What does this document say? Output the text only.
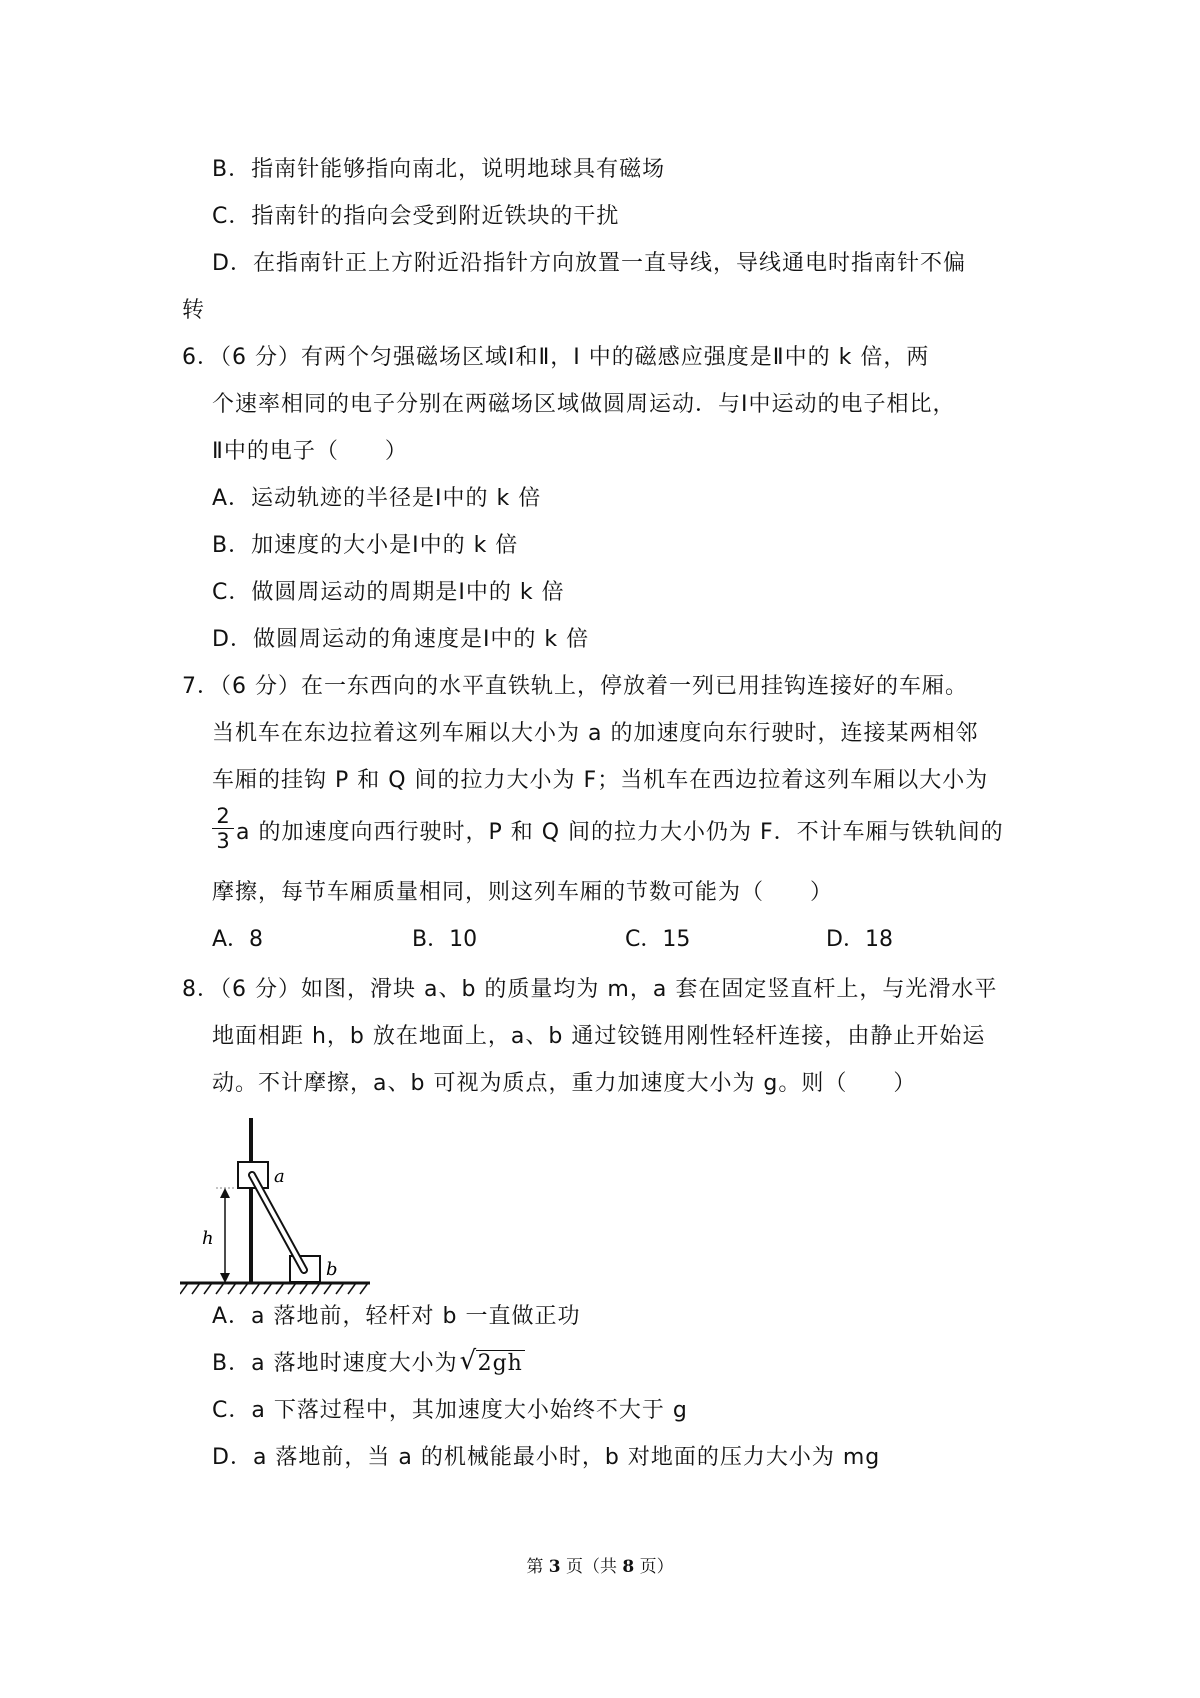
B．指南针能够指向南北，说明地球具有磁场
C．指南针的指向会受到附近铁块的干扰
D．在指南针正上方附近沿指针方向放置一直导线，导线通电时指南针不偏
转
6．（6 分）有两个匀强磁场区域Ⅰ和Ⅱ，I 中的磁感应强度是Ⅱ中的 k 倍，两
个速率相同的电子分别在两磁场区域做圆周运动．与Ⅰ中运动的电子相比，
Ⅱ中的电子（　　）
A．运动轨迹的半径是Ⅰ中的 k 倍
B．加速度的大小是Ⅰ中的 k 倍
C．做圆周运动的周期是Ⅰ中的 k 倍
D．做圆周运动的角速度是Ⅰ中的 k 倍
7．（6 分）在一东西向的水平直铁轨上，停放着一列已用挂钩连接好的车厢。
当机车在东边拉着这列车厢以大小为 a 的加速度向东行驶时，连接某两相邻
车厢的挂钩 P 和 Q 间的拉力大小为 F；当机车在西边拉着这列车厢以大小为
2
3 a 的加速度向西行驶时，P 和 Q 间的拉力大小仍为 F．不计车厢与铁轨间的
摩擦，每节车厢质量相同，则这列车厢的节数可能为（　　）
A．8	B．10	C．15	D．18
8．（6 分）如图，滑块 a、b 的质量均为 m，a 套在固定竖直杆上，与光滑水平
地面相距 h，b 放在地面上，a、b 通过铰链用刚性轻杆连接，由静止开始运
动。不计摩擦，a、b 可视为质点，重力加速度大小为 g。则（　　）
h
a
b
A．a 落地前，轻杆对 b 一直做正功
B．a 落地时速度大小为 √ 2gh
C．a 下落过程中，其加速度大小始终不大于 g
D．a 落地前，当 a 的机械能最小时，b 对地面的压力大小为 mg
第 3 页（共 8 页）
